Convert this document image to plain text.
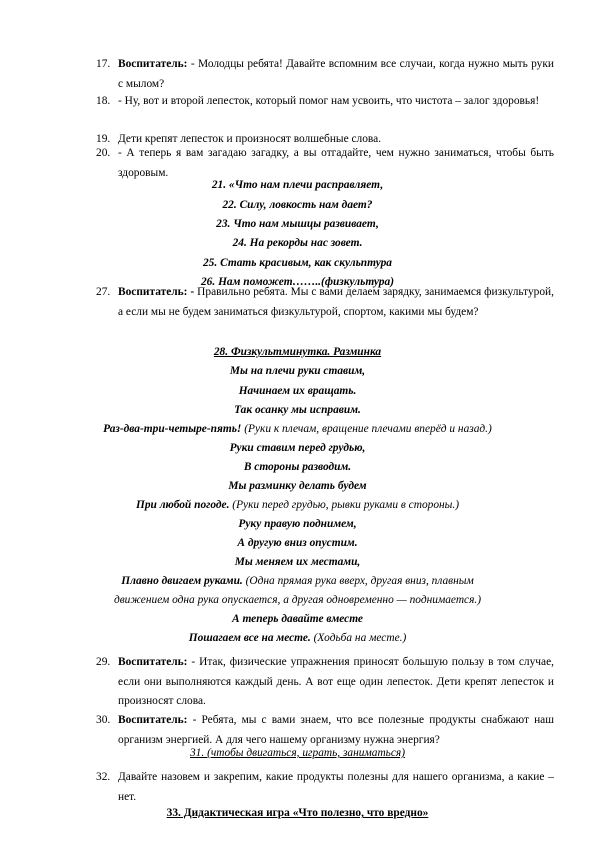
17. Воспитатель: - Молодцы ребята! Давайте вспомним все случаи, когда нужно мыть руки с мылом?
18. - Ну, вот и второй лепесток, который помог нам усвоить, что чистота – залог здоровья!
19. Дети крепят лепесток и произносят волшебные слова.
20. - А теперь я вам загадаю загадку, а вы отгадайте, чем нужно заниматься, чтобы быть здоровым.
21. «Что нам плечи расправляет,
22. Силу, ловкость нам дает?
23. Что нам мышцы развивает,
24. На рекорды нас зовет.
25. Стать красивым, как скульптура
26. Нам поможет……..(физкультура)
27. Воспитатель: - Правильно ребята. Мы с вами делаем зарядку, занимаемся физкультурой, а если мы не будем заниматься физкультурой, спортом, какими мы будем?
28. Физкультминутка. Разминка
Мы на плечи руки ставим,
Начинаем их вращать.
Так осанку мы исправим.
Раз-два-три-четыре-пять! (Руки к плечам, вращение плечами вперёд и назад.)
Руки ставим перед грудью,
В стороны разводим.
Мы разминку делать будем
При любой погоде. (Руки перед грудью, рывки руками в стороны.)
Руку правую поднимем,
А другую вниз опустим.
Мы меняем их местами,
Плавно двигаем руками. (Одна прямая рука вверх, другая вниз, плавным
движением одна рука опускается, а другая одновременно — поднимается.)
А теперь давайте вместе
Пошагаем все на месте. (Ходьба на месте.)
29. Воспитатель: - Итак, физические упражнения приносят большую пользу в том случае, если они выполняются каждый день. А вот еще один лепесток. Дети крепят лепесток и произносят слова.
30. Воспитатель: - Ребята, мы с вами знаем, что все полезные продукты снабжают наш организм энергией. А для чего нашему организму нужна энергия?
31. (чтобы двигаться, играть, заниматься)
32. Давайте назовем и закрепим, какие продукты полезны для нашего организма, а какие – нет.
33. Дидактическая игра «Что полезно, что вредно»
